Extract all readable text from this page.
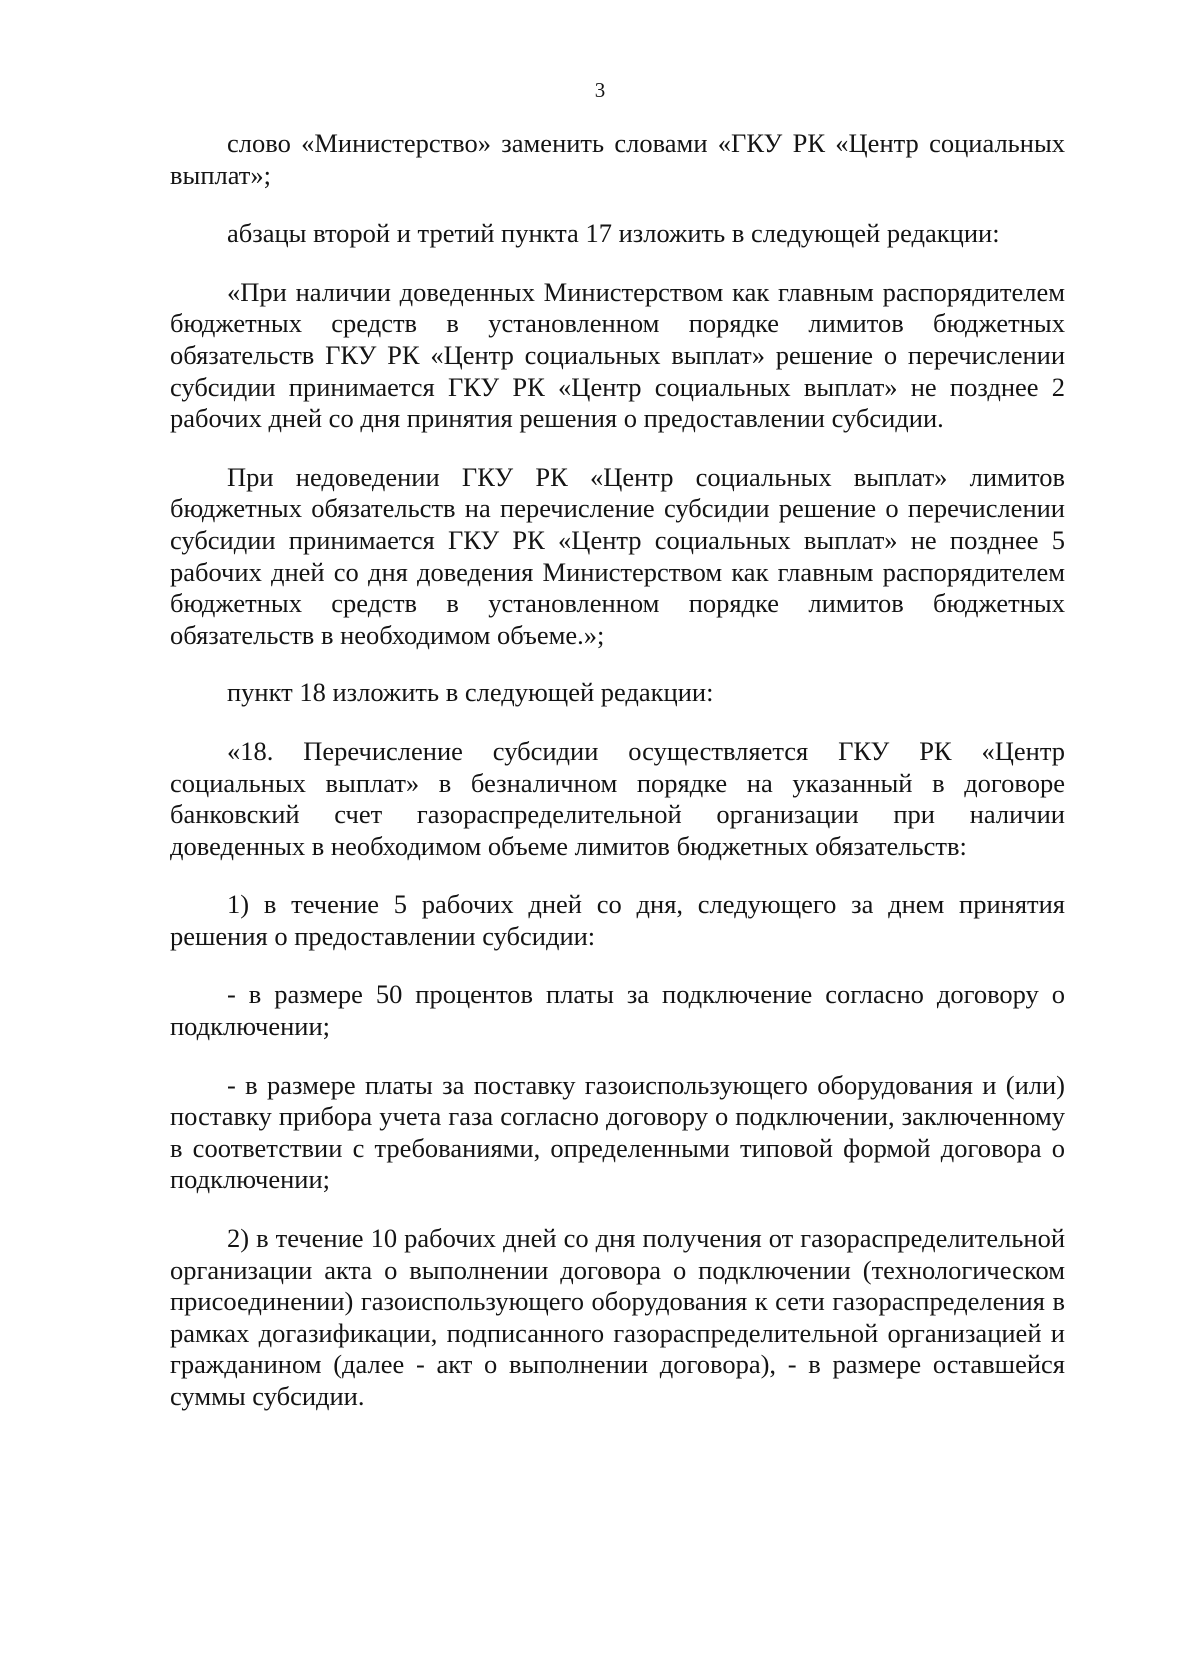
3

слово «Министерство» заменить словами «ГКУ РК «Центр социальных выплат»;

абзацы второй и третий пункта 17 изложить в следующей редакции:

«При наличии доведенных Министерством как главным распорядителем бюджетных средств в установленном порядке лимитов бюджетных обязательств ГКУ РК «Центр социальных выплат» решение о перечислении субсидии принимается ГКУ РК «Центр социальных выплат» не позднее 2 рабочих дней со дня принятия решения о предоставлении субсидии.

При недоведении ГКУ РК «Центр социальных выплат» лимитов бюджетных обязательств на перечисление субсидии решение о перечислении субсидии принимается ГКУ РК «Центр социальных выплат» не позднее 5 рабочих дней со дня доведения Министерством как главным распорядителем бюджетных средств в установленном порядке лимитов бюджетных обязательств в необходимом объеме.»;

пункт 18 изложить в следующей редакции:

«18. Перечисление субсидии осуществляется ГКУ РК «Центр социальных выплат» в безналичном порядке на указанный в договоре банковский счет газораспределительной организации при наличии доведенных в необходимом объеме лимитов бюджетных обязательств:

1) в течение 5 рабочих дней со дня, следующего за днем принятия решения о предоставлении субсидии:

- в размере 50 процентов платы за подключение согласно договору о подключении;

- в размере платы за поставку газоиспользующего оборудования и (или) поставку прибора учета газа согласно договору о подключении, заключенному в соответствии с требованиями, определенными типовой формой договора о подключении;

2) в течение 10 рабочих дней со дня получения от газораспределительной организации акта о выполнении договора о подключении (технологическом присоединении) газоиспользующего оборудования к сети газораспределения в рамках догазификации, подписанного газораспределительной организацией и гражданином (далее - акт о выполнении договора), - в размере оставшейся суммы субсидии.
